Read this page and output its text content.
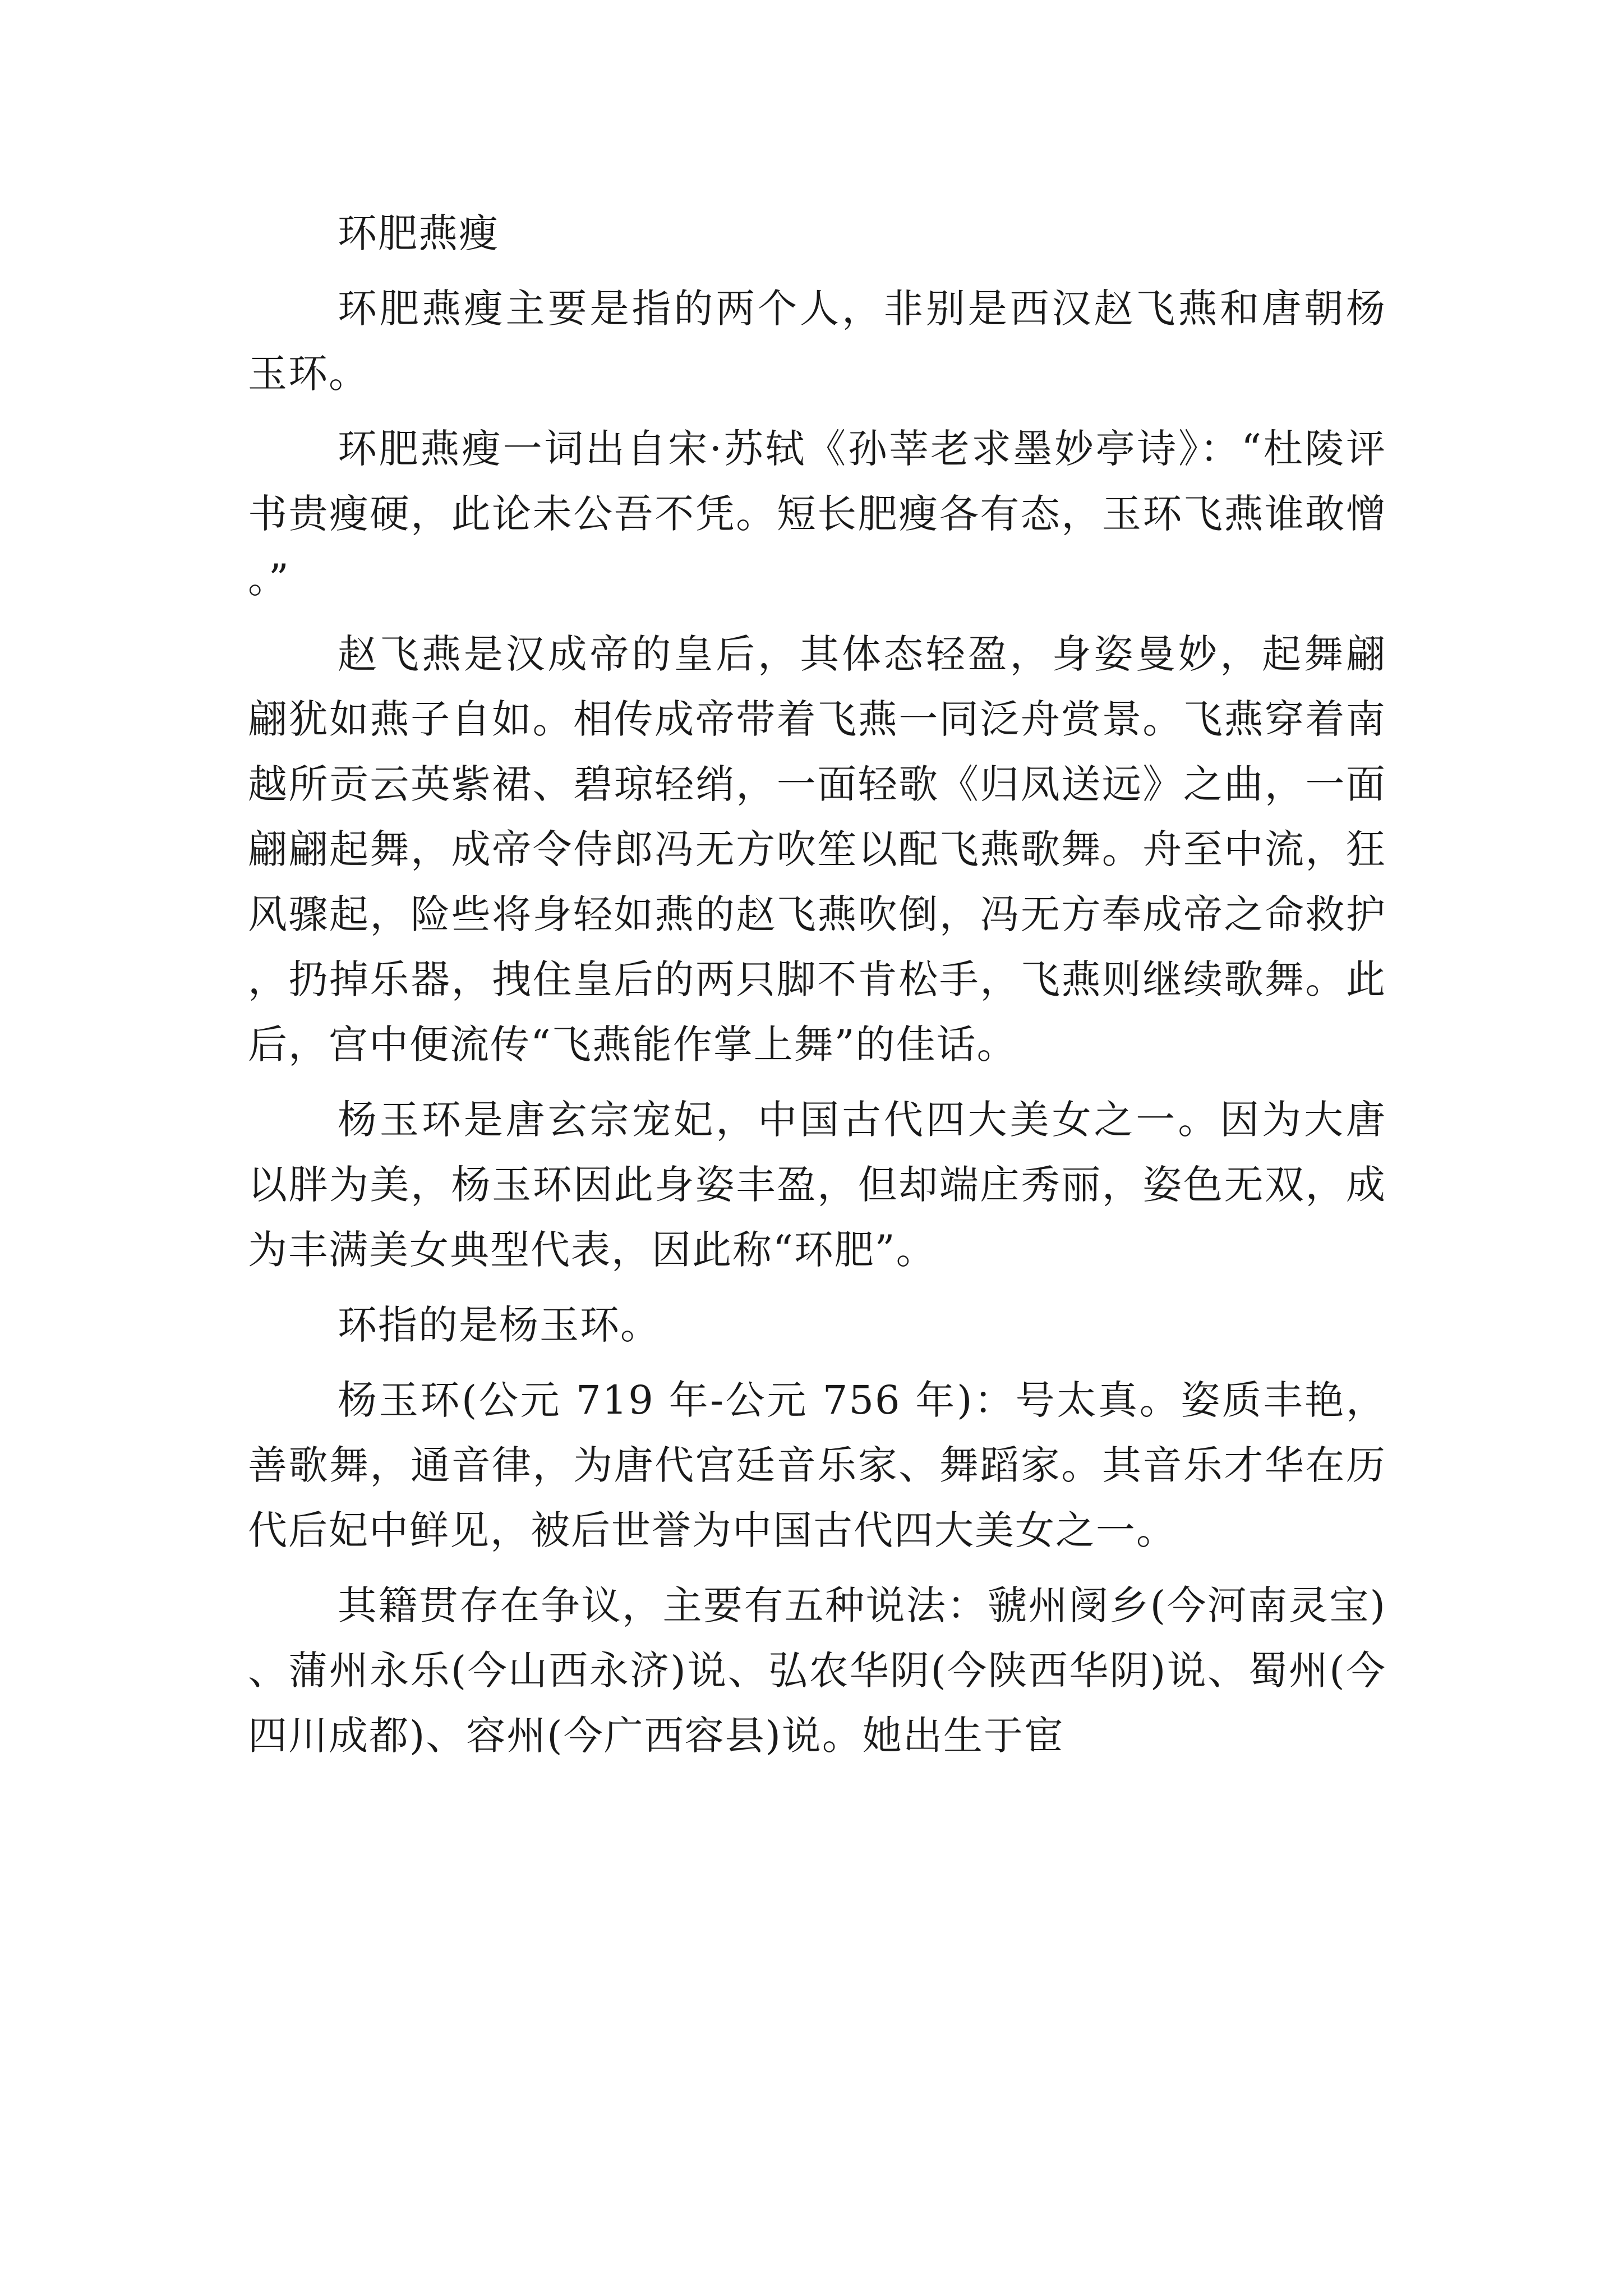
环肥燕瘦

环肥燕瘦主要是指的两个人，非别是西汉赵飞燕和唐朝杨玉环。

环肥燕瘦一词出自宋·苏轼《孙莘老求墨妙亭诗》：“杜陵评书贵瘦硬，此论未公吾不凭。短长肥瘦各有态，玉环飞燕谁敢憎。”

赵飞燕是汉成帝的皇后，其体态轻盈，身姿曼妙，起舞翩翩犹如燕子自如。相传成帝带着飞燕一同泛舟赏景。飞燕穿着南越所贡云英紫裙、碧琼轻绡，一面轻歌《归凤送远》之曲，一面翩翩起舞，成帝令侍郎冯无方吹笙以配飞燕歌舞。舟至中流，狂风骤起，险些将身轻如燕的赵飞燕吹倒，冯无方奉成帝之命救护，扔掉乐器，拽住皇后的两只脚不肯松手，飞燕则继续歌舞。此后，宫中便流传“飞燕能作掌上舞”的佳话。

杨玉环是唐玄宗宠妃，中国古代四大美女之一。因为大唐以胖为美，杨玉环因此身姿丰盈，但却端庄秀丽，姿色无双，成为丰满美女典型代表，因此称“环肥”。

环指的是杨玉环。

杨玉环(公元 719 年-公元 756 年)：号太真。姿质丰艳，善歌舞，通音律，为唐代宫廷音乐家、舞蹈家。其音乐才华在历代后妃中鲜见，被后世誉为中国古代四大美女之一。

其籍贯存在争议，主要有五种说法：虢州阌乡(今河南灵宝)、蒲州永乐(今山西永济)说、弘农华阴(今陕西华阴)说、蜀州(今四川成都)、容州(今广西容县)说。她出生于宦
